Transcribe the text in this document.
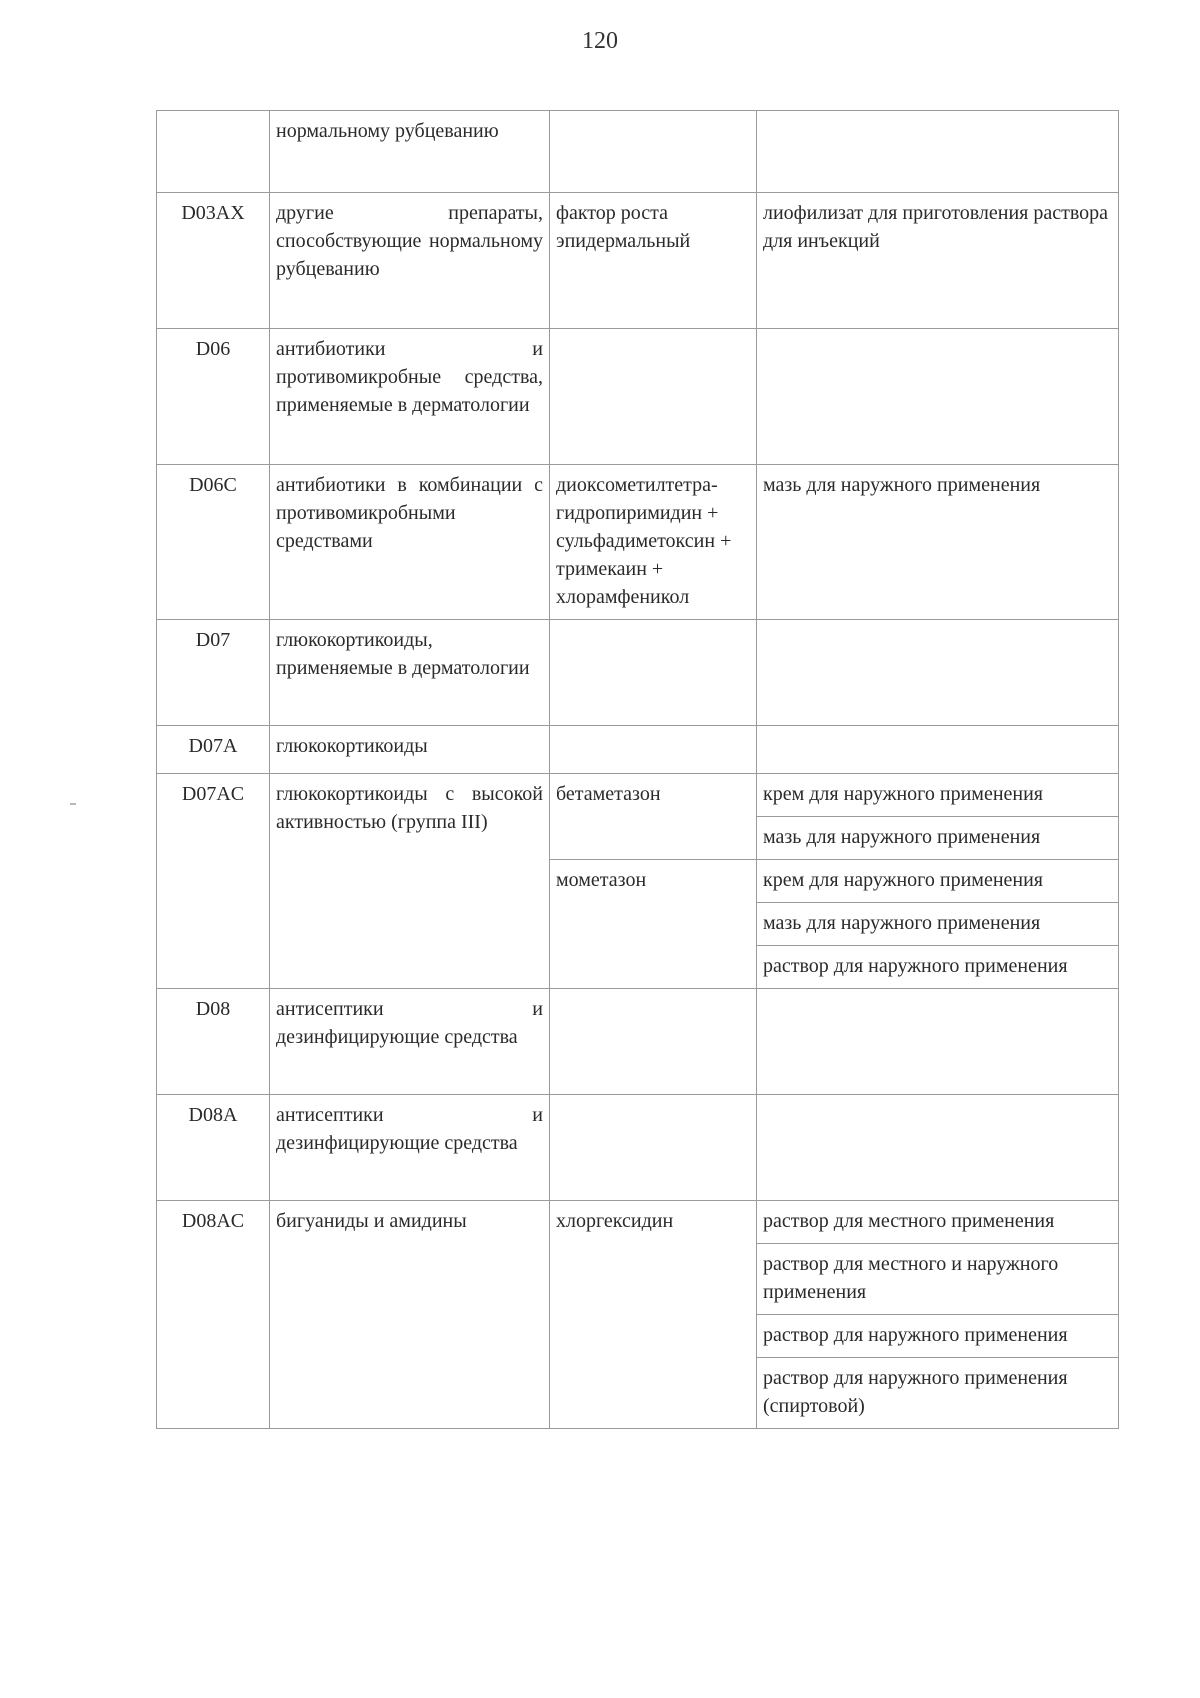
120
	нормальному рубцеванию		
D03AX	другие препараты, способствующие нормальному рубцеванию	фактор роста эпидермальный	лиофилизат для приготовления раствора для инъекций
D06	антибиотики и противомикробные средства, применяемые в дерматологии		
D06C	антибиотики в комбинации с противомикробными средствами	диоксометилтетра-гидропиримидин + сульфадиметоксин + тримекаин + хлорамфеникол	мазь для наружного применения
D07	глюкокортикоиды, применяемые в дерматологии		
D07A	глюкокортикоиды		
D07AC	глюкокортикоиды с высокой активностью (группа III)	бетаметазон	крем для наружного применения
			мазь для наружного применения
		мометазон	крем для наружного применения
			мазь для наружного применения
			раствор для наружного применения
D08	антисептики и дезинфицирующие средства		
D08A	антисептики и дезинфицирующие средства		
D08AC	бигуаниды и амидины	хлоргексидин	раствор для местного применения
			раствор для местного и наружного применения
			раствор для наружного применения
			раствор для наружного применения (спиртовой)
